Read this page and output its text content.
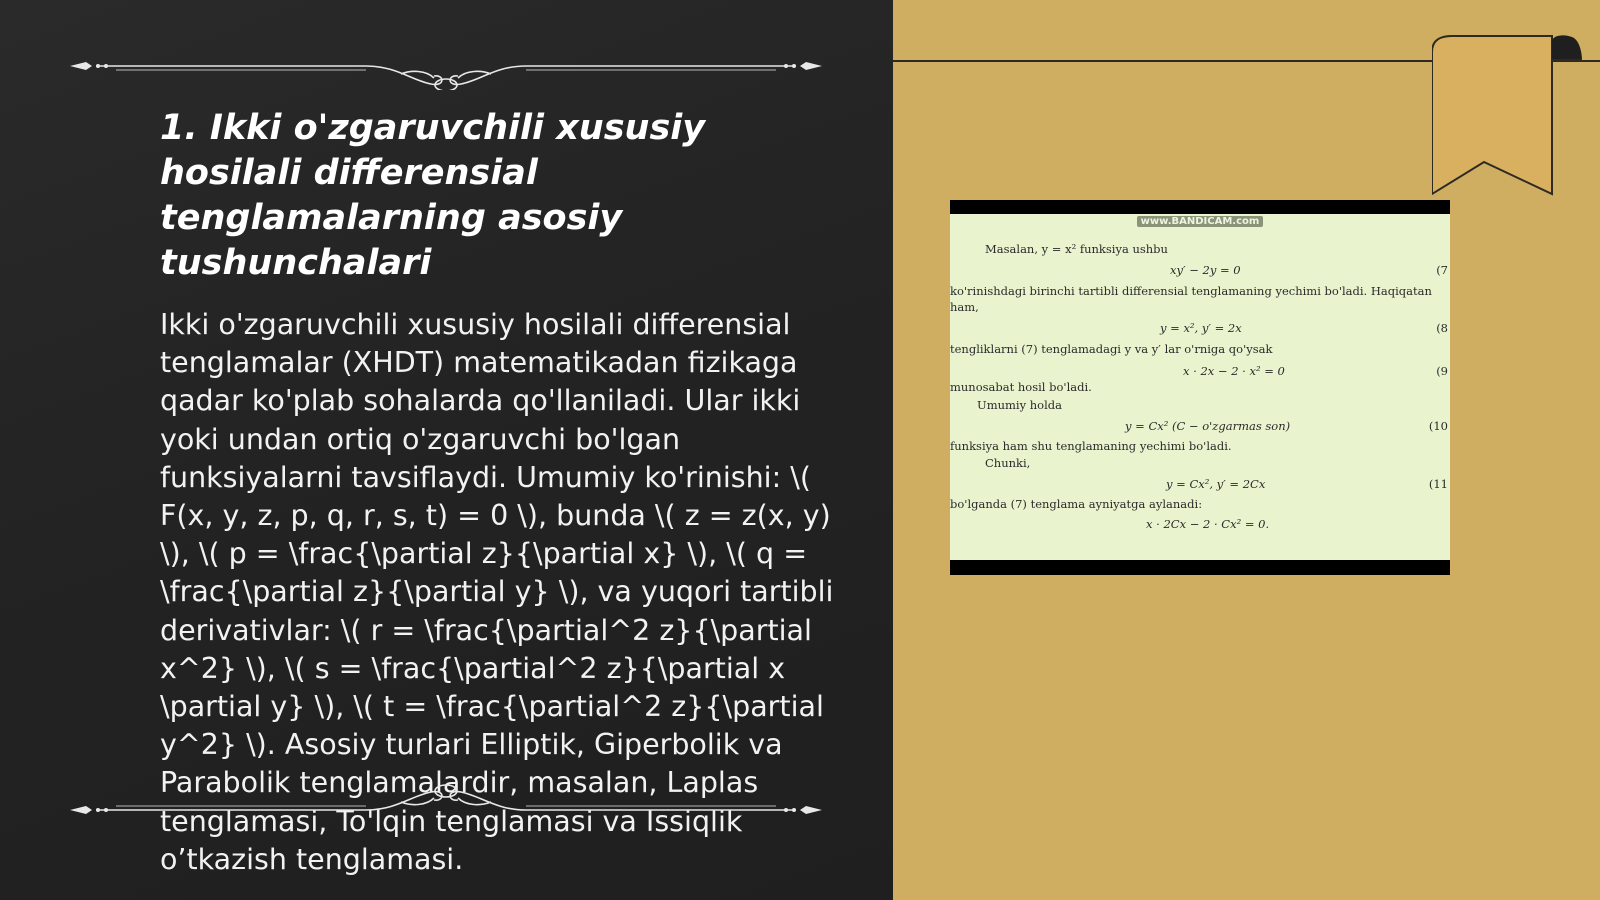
1. Ikki o'zgaruvchili xususiy hosilali differensial tenglamalarning asosiy tushunchalari
Ikki o'zgaruvchili xususiy hosilali differensial tenglamalar (XHDT) matematikadan fizikaga qadar ko'plab sohalarda qo'llaniladi. Ular ikki yoki undan ortiq o'zgaruvchi bo'lgan funksiyalarni tavsiflaydi. Umumiy ko'rinishi: \( F(x, y, z, p, q, r, s, t) = 0 \), bunda \( z = z(x, y) \), \( p = \frac{\partial z}{\partial x} \), \( q = \frac{\partial z}{\partial y} \), va yuqori tartibli derivativlar: \( r = \frac{\partial^2 z}{\partial x^2} \), \( s = \frac{\partial^2 z}{\partial x \partial y} \), \( t = \frac{\partial^2 z}{\partial y^2} \). Asosiy turlari Elliptik, Giperbolik va Parabolik tenglamalardir, masalan, Laplas tenglamasi, To'lqin tenglamasi va Issiqlik o’tkazish tenglamasi.
www.BANDICAM.com
Masalan, y = x² funksiya ushbu
xy′ − 2y = 0	(7
ko'rinishdagi birinchi tartibli differensial tenglamaning yechimi bo'ladi. Haqiqatan
ham,
y = x², y′ = 2x	(8
tengliklarni (7) tenglamadagi y va y′ lar o'rniga qo'ysak
x · 2x − 2 · x² = 0	(9
munosabat hosil bo'ladi.
Umumiy holda
y = Cx² (C − o'zgarmas son)	(10
funksiya ham shu tenglamaning yechimi bo'ladi.
Chunki,
y = Cx², y′ = 2Cx	(11
bo'lganda (7) tenglama ayniyatga aylanadi:
x · 2Cx − 2 · Cx² = 0.
